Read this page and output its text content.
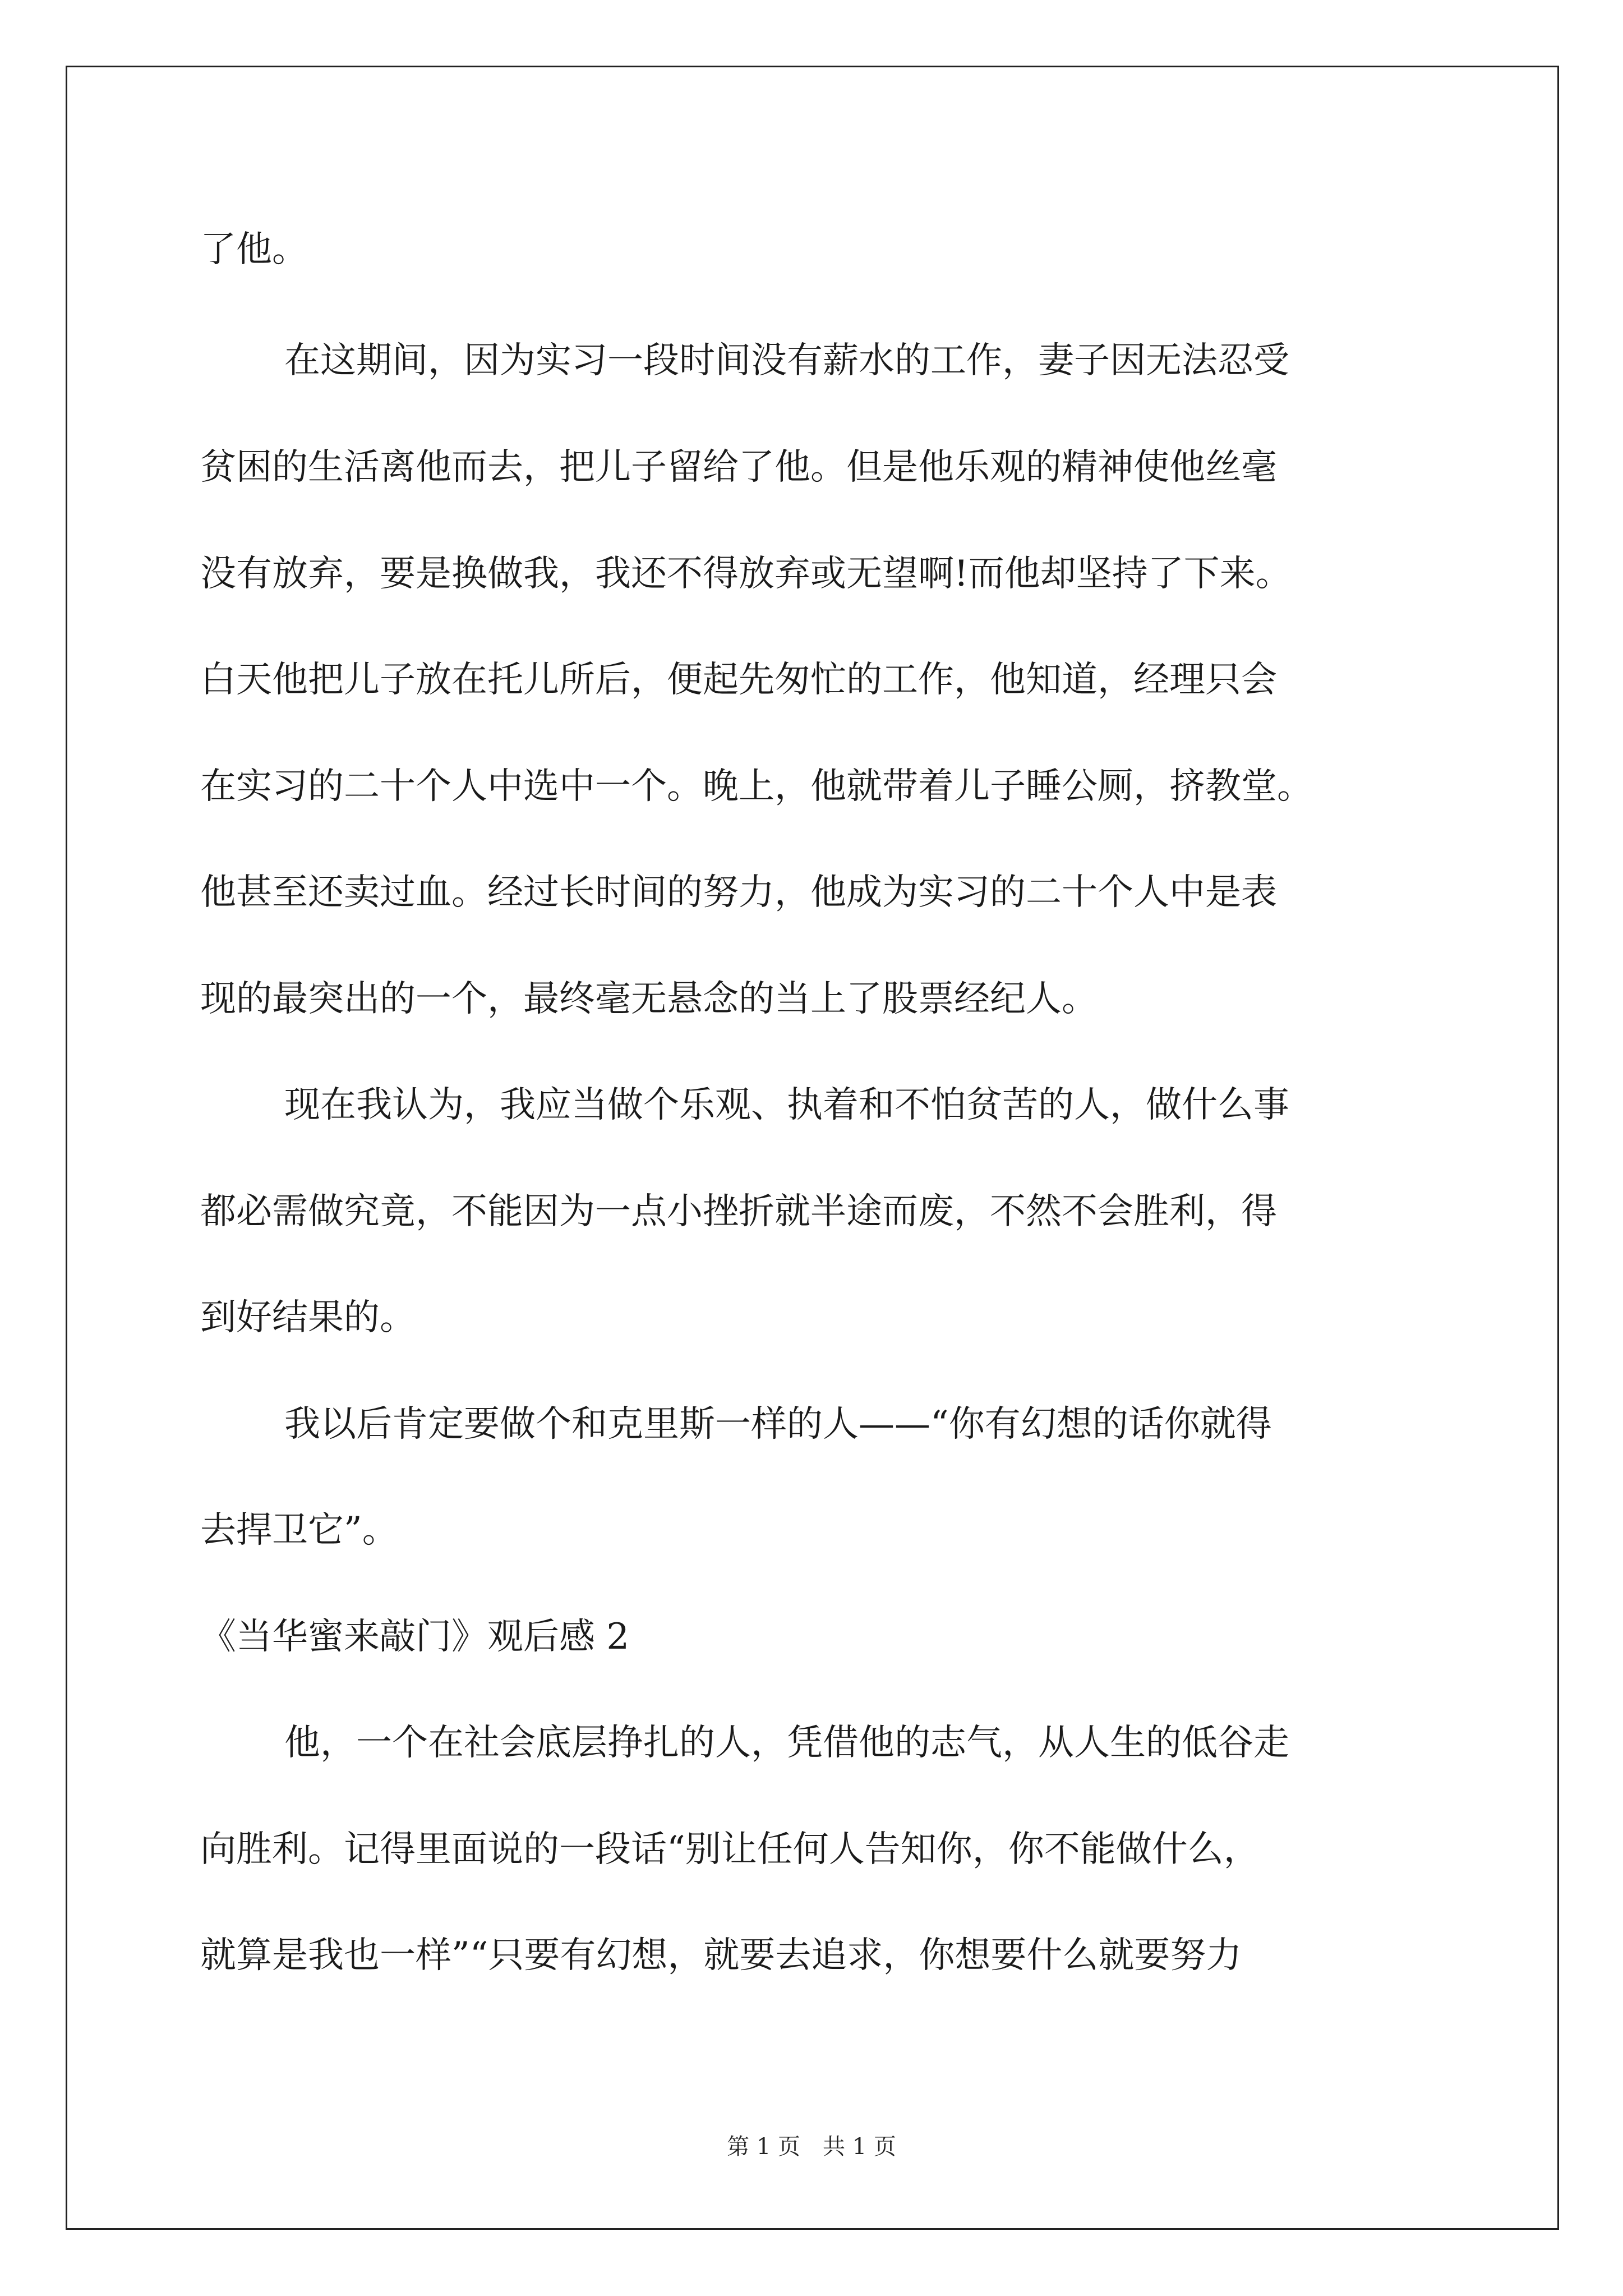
了他。
在这期间，因为实习一段时间没有薪水的工作，妻子因无法忍受
贫困的生活离他而去，把儿子留给了他。但是他乐观的精神使他丝毫
没有放弃，要是换做我，我还不得放弃或无望啊!而他却坚持了下来。
白天他把儿子放在托儿所后，便起先匆忙的工作，他知道，经理只会
在实习的二十个人中选中一个。晚上，他就带着儿子睡公厕，挤教堂。
他甚至还卖过血。经过长时间的努力，他成为实习的二十个人中是表
现的最突出的一个，最终毫无悬念的当上了股票经纪人。
现在我认为，我应当做个乐观、执着和不怕贫苦的人，做什么事
都必需做究竟，不能因为一点小挫折就半途而废，不然不会胜利，得
到好结果的。
我以后肯定要做个和克里斯一样的人——“你有幻想的话你就得
去捍卫它”。
《当华蜜来敲门》观后感 2
他，一个在社会底层挣扎的人，凭借他的志气，从人生的低谷走
向胜利。记得里面说的一段话“别让任何人告知你，你不能做什么，
就算是我也一样”“只要有幻想，就要去追求，你想要什么就要努力
第 1 页　共 1 页
